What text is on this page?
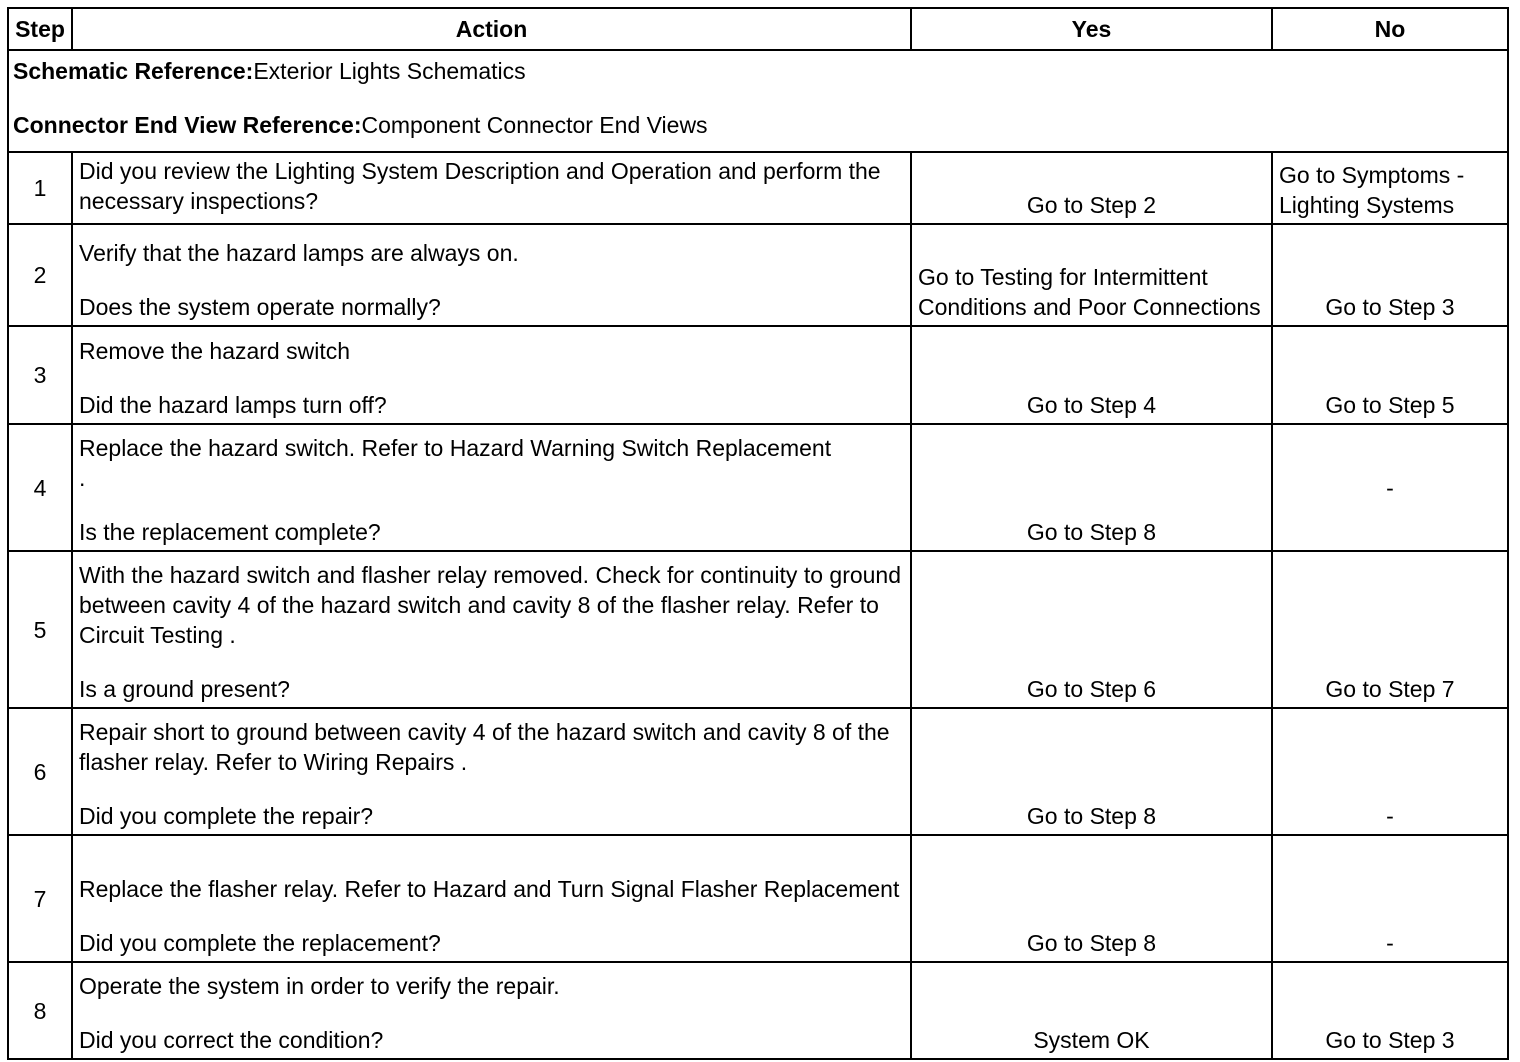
Step	Action	Yes	No

Schematic Reference:Exterior Lights Schematics

Connector End View Reference:Component Connector End Views			

1	Did you review the Lighting System Description and Operation and perform the necessary inspections?	Go to Step 2	Go to Symptoms - Lighting Systems
2	Verify that the hazard lamps are always on.

Does the system operate normally?	Go to Testing for Intermittent Conditions and Poor Connections	Go to Step 3
3	Remove the hazard switch

Did the hazard lamps turn off?	Go to Step 4	Go to Step 5
4	Replace the hazard switch. Refer to Hazard Warning Switch Replacement

.

Is the replacement complete?	Go to Step 8	-
5	With the hazard switch and flasher relay removed. Check for continuity to ground between cavity 4 of the hazard switch and cavity 8 of the flasher relay. Refer to Circuit Testing .

Is a ground present?	Go to Step 6	Go to Step 7
6	Repair short to ground between cavity 4 of the hazard switch and cavity 8 of the flasher relay. Refer to Wiring Repairs .

Did you complete the repair?	Go to Step 8	-
7	Replace the flasher relay. Refer to Hazard and Turn Signal Flasher Replacement

Did you complete the replacement?	Go to Step 8	-
8	Operate the system in order to verify the repair.

Did you correct the condition?	System OK	Go to Step 3
